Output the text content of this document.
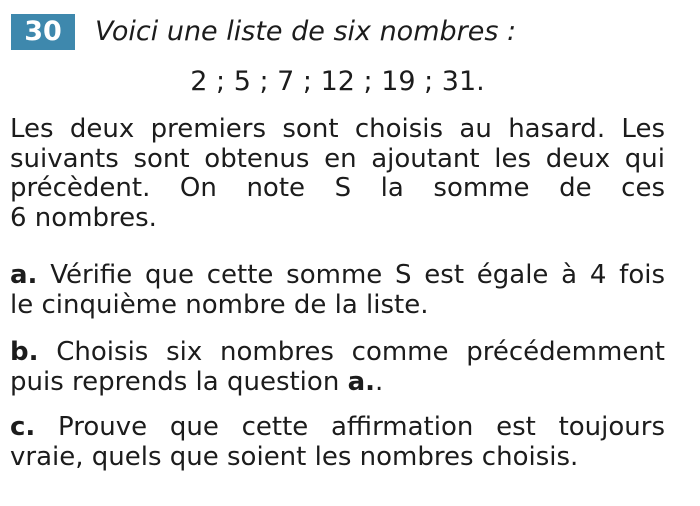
30	Voici une liste de six nombres :
2 ; 5 ; 7 ; 12 ; 19 ; 31.

Les deux premiers sont choisis au hasard. Les suivants sont obtenus en ajoutant les deux qui précèdent. On note S la somme de ces 6 nombres.

a. Vérifie que cette somme S est égale à 4 fois le cinquième nombre de la liste.

b. Choisis six nombres comme précédemment puis reprends la question a..

c. Prouve que cette affirmation est toujours vraie, quels que soient les nombres choisis.
